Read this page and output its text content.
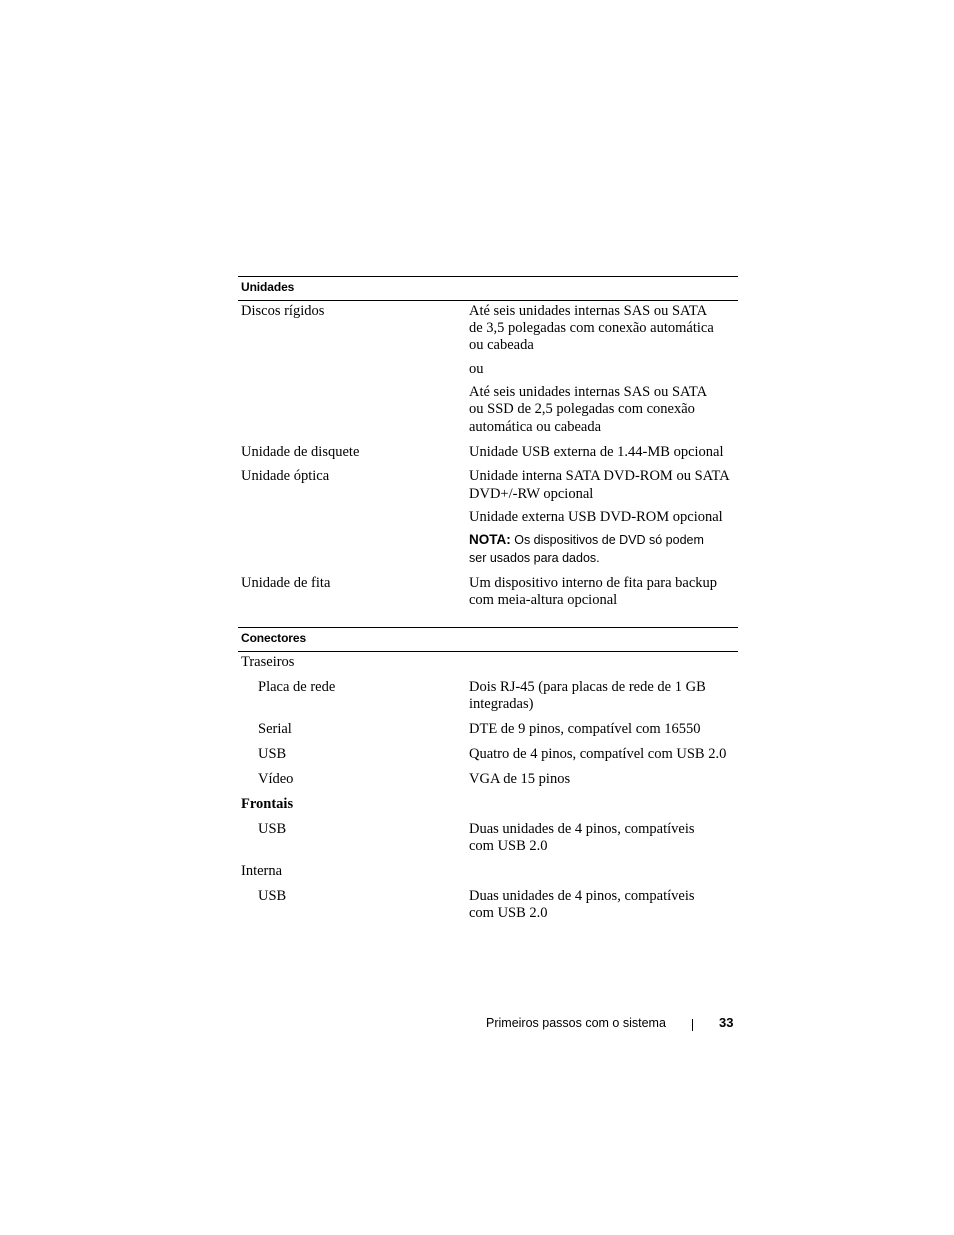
Unidades
Discos rígidos	Até seis unidades internas SAS ou SATA
de 3,5 polegadas com conexão automática
ou cabeada
ou
Até seis unidades internas SAS ou SATA
ou SSD de 2,5 polegadas com conexão
automática ou cabeada
Unidade de disquete	Unidade USB externa de 1.44-MB opcional
Unidade óptica	Unidade interna SATA DVD-ROM ou SATA
DVD+/-RW opcional
Unidade externa USB DVD-ROM opcional
NOTA: Os dispositivos de DVD só podem
ser usados para dados.
Unidade de fita	Um dispositivo interno de fita para backup
com meia-altura opcional
Conectores
Traseiros
Placa de rede	Dois RJ-45 (para placas de rede de 1 GB
integradas)
Serial	DTE de 9 pinos, compatível com 16550
USB	Quatro de 4 pinos, compatível com USB 2.0
Vídeo	VGA de 15 pinos
Frontais
USB	Duas unidades de 4 pinos, compatíveis
com USB 2.0
Interna
USB	Duas unidades de 4 pinos, compatíveis
com USB 2.0
Primeiros passos com o sistema	33
